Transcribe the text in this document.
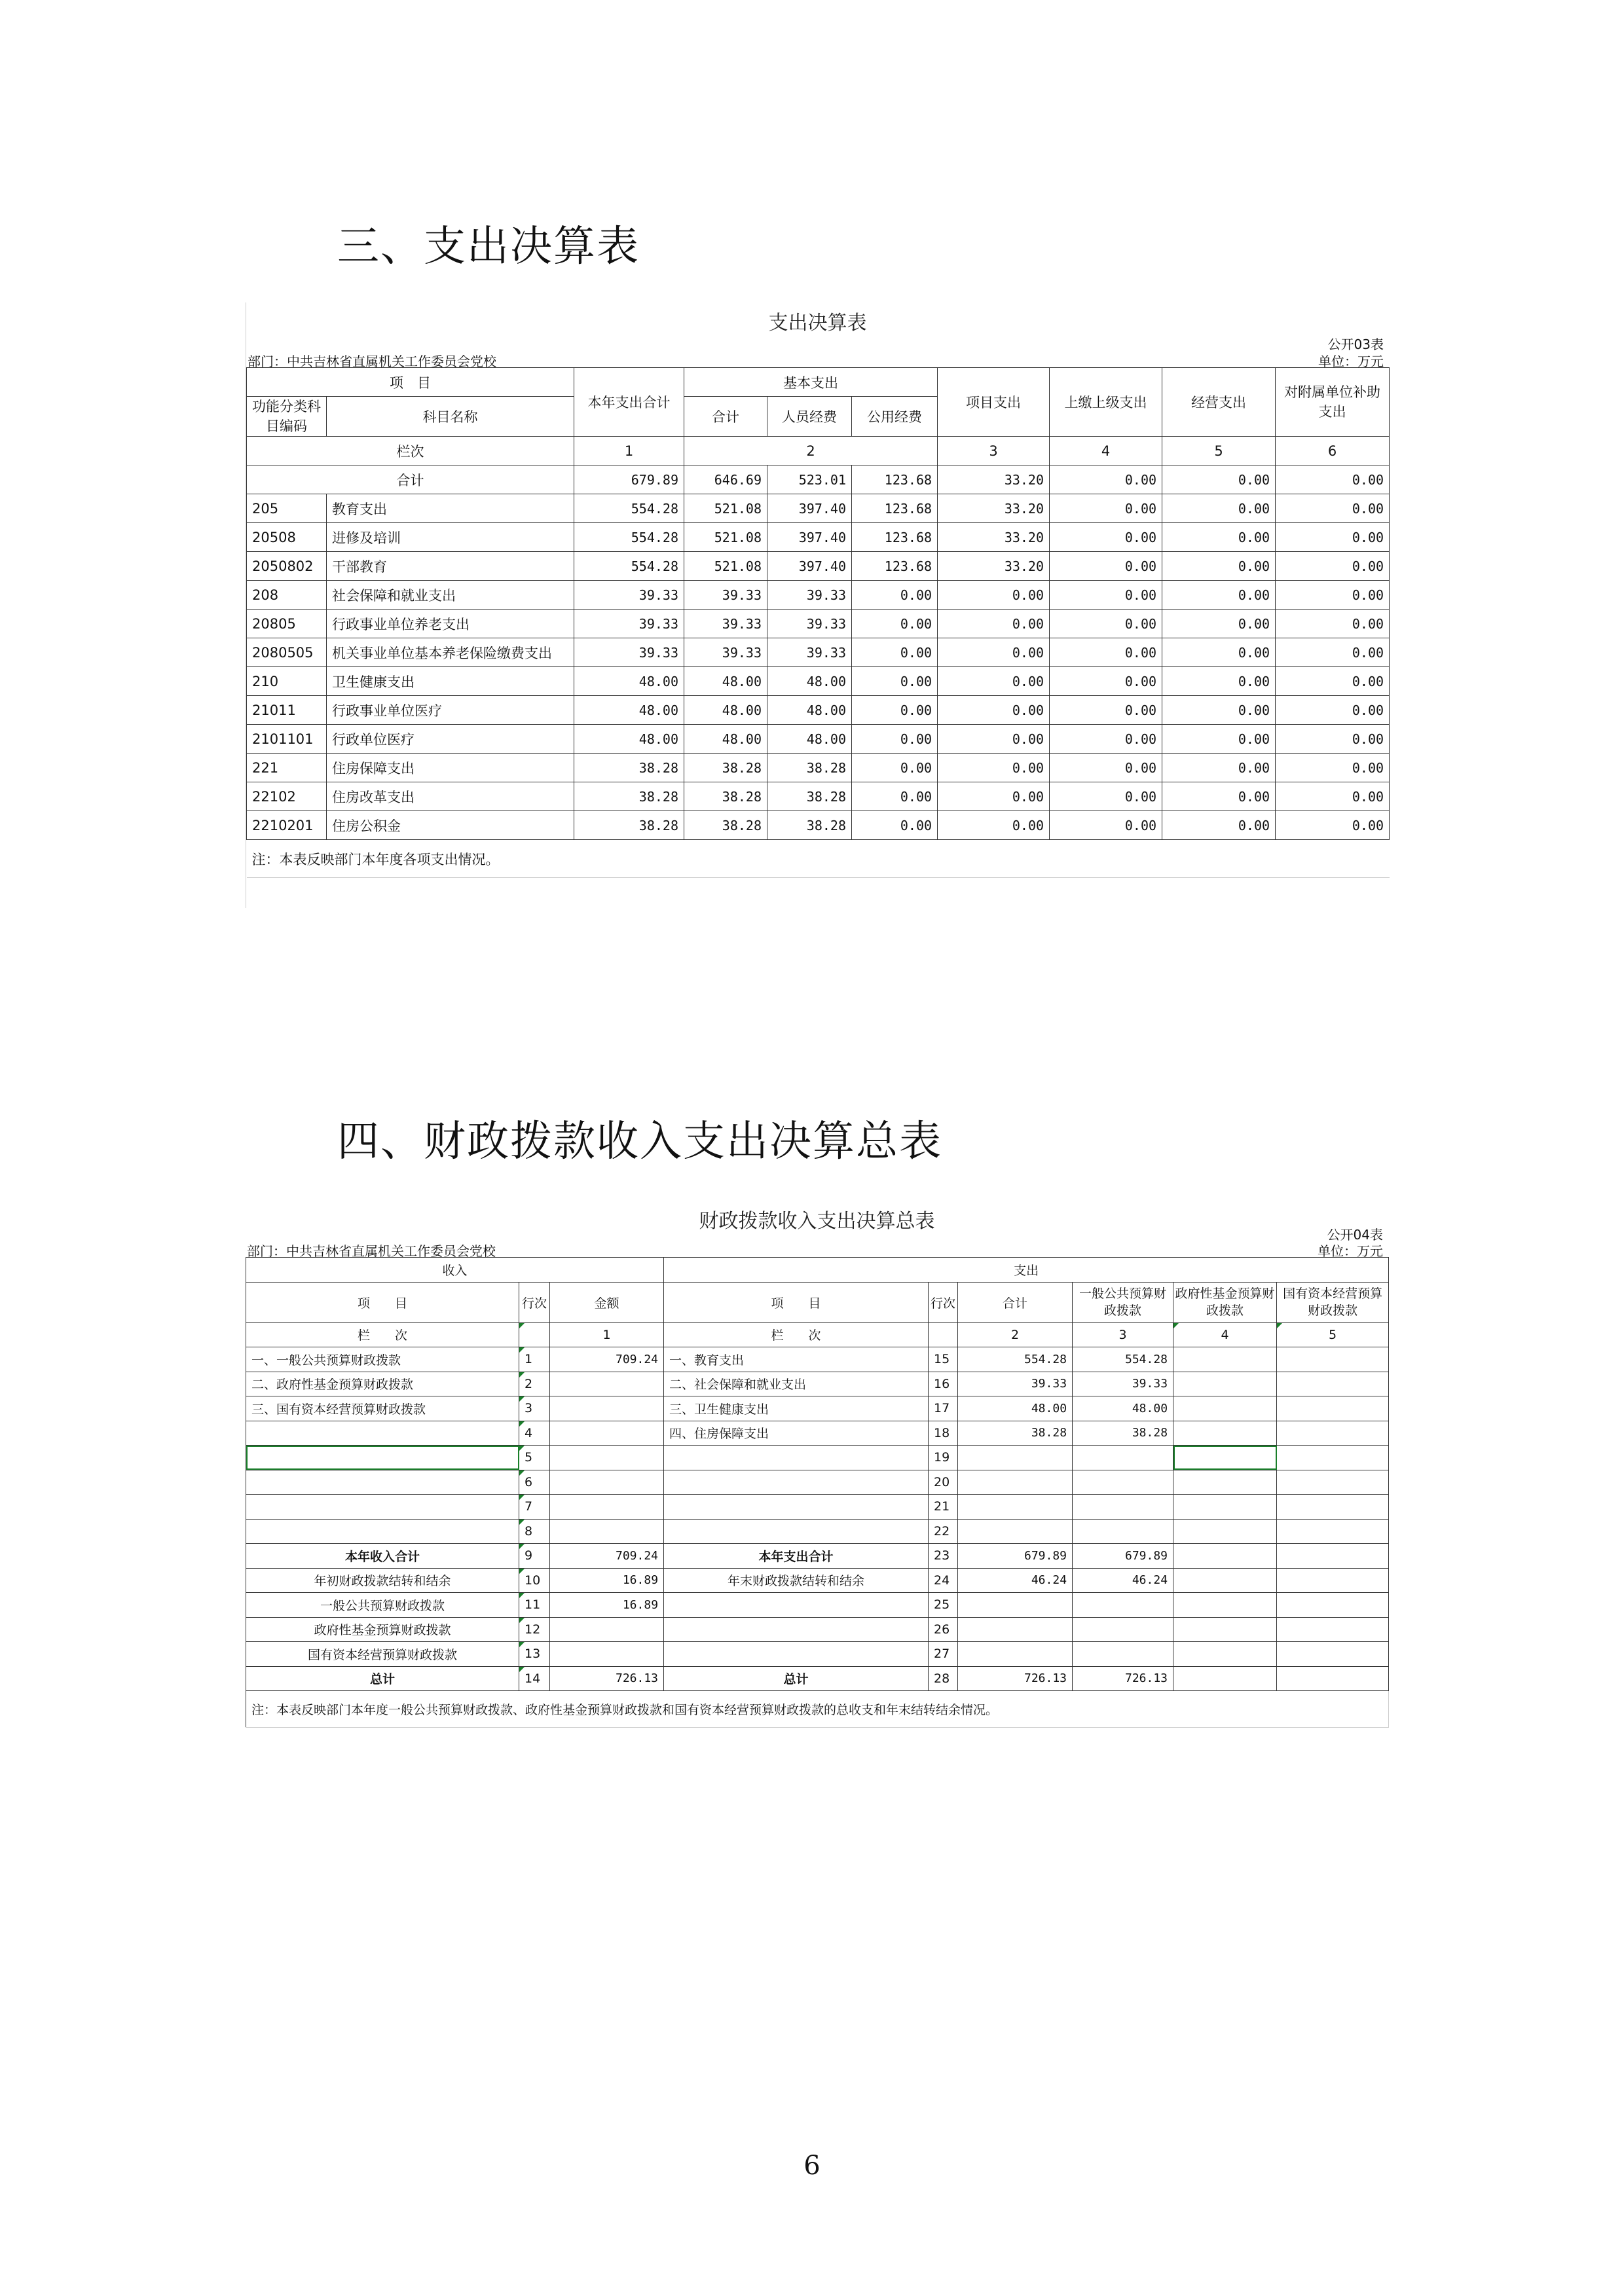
三、支出决算表
支出决算表
公开03表
部门：中共吉林省直属机关工作委员会党校	单位：万元
项　目		本年支出合计	基本支出			项目支出	上缴上级支出	经营支出	对附属单位补助支出
功能分类科目编码	科目名称								
			合计	人员经费	公用经费				
栏次		1	2			3	4	5	6
合计		679.89	646.69	523.01	123.68	33.20	0.00	0.00	0.00
205	教育支出	554.28	521.08	397.40	123.68	33.20	0.00	0.00	0.00
20508	进修及培训	554.28	521.08	397.40	123.68	33.20	0.00	0.00	0.00
2050802	干部教育	554.28	521.08	397.40	123.68	33.20	0.00	0.00	0.00
208	社会保障和就业支出	39.33	39.33	39.33	0.00	0.00	0.00	0.00	0.00
20805	行政事业单位养老支出	39.33	39.33	39.33	0.00	0.00	0.00	0.00	0.00
2080505	机关事业单位基本养老保险缴费支出	39.33	39.33	39.33	0.00	0.00	0.00	0.00	0.00
210	卫生健康支出	48.00	48.00	48.00	0.00	0.00	0.00	0.00	0.00
21011	行政事业单位医疗	48.00	48.00	48.00	0.00	0.00	0.00	0.00	0.00
2101101	行政单位医疗	48.00	48.00	48.00	0.00	0.00	0.00	0.00	0.00
221	住房保障支出	38.28	38.28	38.28	0.00	0.00	0.00	0.00	0.00
22102	住房改革支出	38.28	38.28	38.28	0.00	0.00	0.00	0.00	0.00
2210201	住房公积金	38.28	38.28	38.28	0.00	0.00	0.00	0.00	0.00
注：本表反映部门本年度各项支出情况。									
四、财政拨款收入支出决算总表
财政拨款收入支出决算总表
公开04表
部门：中共吉林省直属机关工作委员会党校	单位：万元
收入			支出					
项　　目	行次	金额	项　　目	行次	合计	一般公共预算财政拨款	政府性基金预算财政拨款	国有资本经营预算财政拨款
栏　　次		1	栏　　次		2	3	4	5
一、一般公共预算财政拨款	1	709.24	一、教育支出	15	554.28	554.28		
二、政府性基金预算财政拨款	2		二、社会保障和就业支出	16	39.33	39.33		
三、国有资本经营预算财政拨款	3		三、卫生健康支出	17	48.00	48.00		
	4		四、住房保障支出	18	38.28	38.28		
	5			19				
	6			20				
	7			21				
	8			22				
本年收入合计	9	709.24	本年支出合计	23	679.89	679.89		
年初财政拨款结转和结余	10	16.89	年末财政拨款结转和结余	24	46.24	46.24		
一般公共预算财政拨款	11	16.89		25				
政府性基金预算财政拨款	12			26				
国有资本经营预算财政拨款	13			27				
总计	14	726.13	总计	28	726.13	726.13		
注：本表反映部门本年度一般公共预算财政拨款、政府性基金预算财政拨款和国有资本经营预算财政拨款的总收支和年末结转结余情况。								
6
